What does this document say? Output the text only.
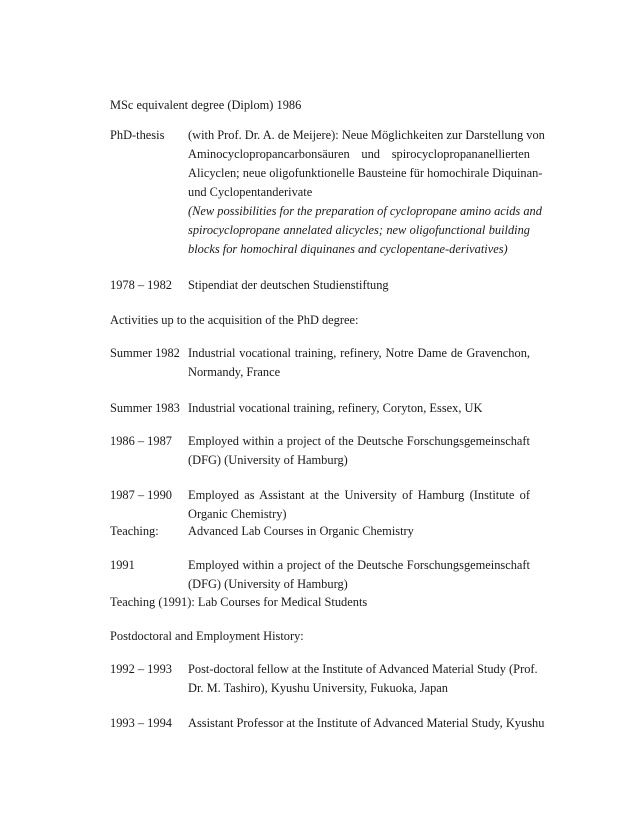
MSc equivalent degree (Diplom) 1986
PhD-thesis (with Prof. Dr. A. de Meijere): Neue Möglichkeiten zur Darstellung von
Aminocyclopropancarbonsäuren und spirocyclopropananellierten
Alicyclen; neue oligofunktionelle Bausteine für homochirale Diquinan-
und Cyclopentanderivate
(New possibilities for the preparation of cyclopropane amino acids and
spirocyclopropane annelated alicycles; new oligofunctional building
blocks for homochiral diquinanes and cyclopentane-derivatives)
1978 – 1982 Stipendiat der deutschen Studienstiftung
Activities up to the acquisition of the PhD degree:
Summer 1982 Industrial vocational training, refinery, Notre Dame de Gravenchon,
Normandy, France
Summer 1983 Industrial vocational training, refinery, Coryton, Essex, UK
1986 – 1987 Employed within a project of the Deutsche Forschungsgemeinschaft
(DFG) (University of Hamburg)
1987 – 1990 Employed as Assistant at the University of Hamburg (Institute of
Organic Chemistry)
Teaching: Advanced Lab Courses in Organic Chemistry
1991	Employed within a project of the Deutsche Forschungsgemeinschaft
(DFG) (University of Hamburg)
Teaching (1991): Lab Courses for Medical Students
Postdoctoral and Employment History:
1992 – 1993 Post-doctoral fellow at the Institute of Advanced Material Study (Prof.
Dr. M. Tashiro), Kyushu University, Fukuoka, Japan
1993 – 1994 Assistant Professor at the Institute of Advanced Material Study, Kyushu
